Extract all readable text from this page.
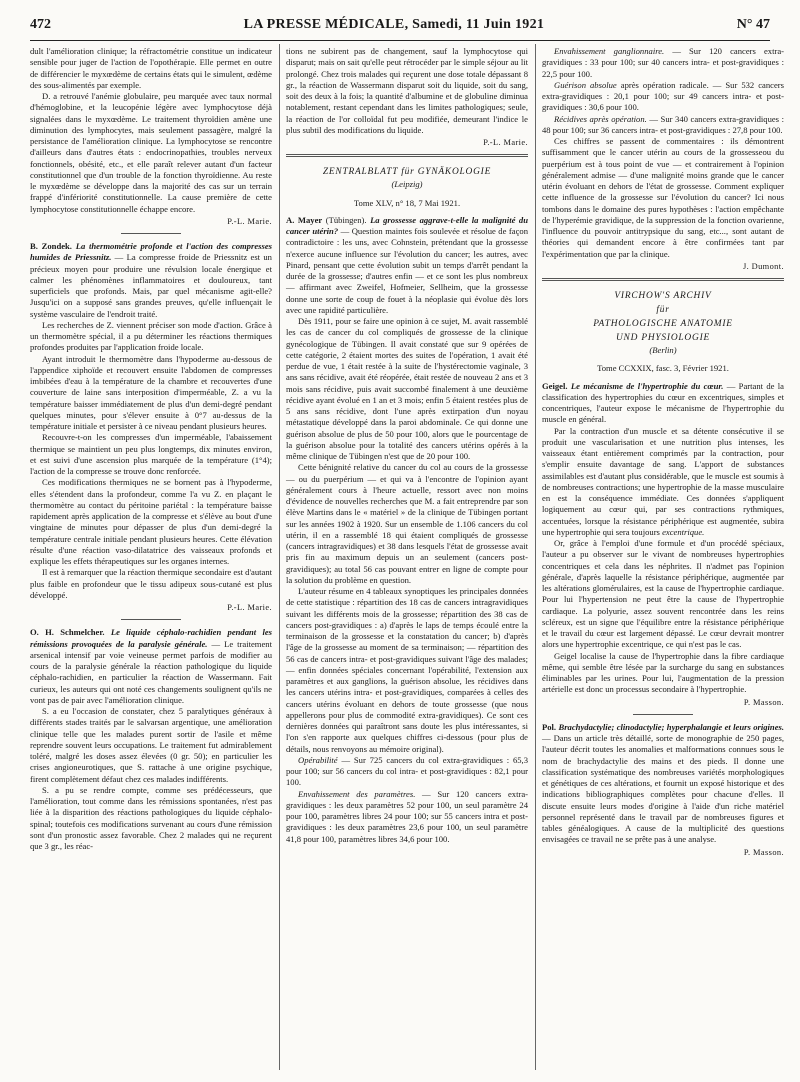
472	LA PRESSE MÉDICALE, Samedi, 11 Juin 1921	N° 47

dult l'amélioration clinique; la réfractométrie constitue un indicateur sensible pour juger de l'action de l'opothérapie. Elle permet en outre de différencier le myxœdème de certains états qui le simulent, œdème des sous-alimentés par exemple.

D. a retrouvé l'anémie globulaire, peu marquée avec taux normal d'hémoglobine, et la leucopénie légère avec lymphocytose déjà signalées dans le myxœdème. Le traitement thyroïdien amène une diminution des lymphocytes, mais seulement passagère, malgré la persistance de l'amélioration clinique. La lymphocytose se rencontre d'ailleurs dans d'autres états : endocrinopathies, troubles nerveux fonctionnels, obésité, etc., et elle paraît relever autant d'un facteur constitutionnel que d'un trouble de la fonction thyroïdienne. Au reste le myxœdème se développe dans la majorité des cas sur un terrain frappé d'infériorité constitutionnelle. La cause première de cette lymphocytose constitutionnelle échappe encore.

P.-L. Marie.

B. Zondek. La thermométrie profonde et l'action des compresses humides de Priessnitz. — La compresse froide de Priessnitz est un précieux moyen pour produire une révulsion locale énergique et calmer les phénomènes inflammatoires et douloureux, tant superficiels que profonds. Mais, par quel mécanisme agit-elle? Jusqu'ici on a supposé sans grandes preuves, qu'elle influençait le système vasculaire de l'endroit traité.

Les recherches de Z. viennent préciser son mode d'action. Grâce à un thermomètre spécial, il a pu déterminer les réactions thermiques profondes produites par l'application froide locale.

Ayant introduit le thermomètre dans l'hypoderme au-dessous de l'appendice xiphoïde et recouvert ensuite l'abdomen de compresses imbibées d'eau à la température de la chambre et recouvertes d'une couverture de laine sans interposition d'imperméable, Z. a vu la température baisser immédiatement de plus d'un demi-degré pendant quelques minutes, pour s'élever ensuite à 0°7 au-dessus de la température initiale et persister à ce niveau pendant plusieurs heures.

Recouvre-t-on les compresses d'un imperméable, l'abaissement thermique se maintient un peu plus longtemps, dix minutes environ, et est suivi d'une ascension plus marquée de la température (1°4); l'action de la compresse se trouve donc renforcée.

Ces modifications thermiques ne se bornent pas à l'hypoderme, elles s'étendent dans la profondeur, comme l'a vu Z. en plaçant le thermomètre au contact du péritoine pariétal : la température baisse rapidement après application de la compresse et s'élève au bout d'une vingtaine de minutes pour dépasser de plus d'un demi-degré la température centrale initiale pendant plusieurs heures. Cette élévation résulte d'une réaction vaso-dilatatrice des vaisseaux profonds et explique les effets thérapeutiques sur les organes internes.

Il est à remarquer que la réaction thermique secondaire est d'autant plus faible en profondeur que le tissu adipeux sous-cutané est plus développé.

P.-L. Marie.

O. H. Schmelcher. Le liquide céphalo-rachidien pendant les rémissions provoquées de la paralysie générale. — Le traitement arsenical intensif par voie veineuse permet parfois de modifier au cours de la paralysie générale la réaction pathologique du liquide céphalo-rachidien, en particulier la réaction de Wassermann. Fait curieux, les auteurs qui ont noté ces changements soulignent qu'ils ne vont pas de pair avec l'amélioration clinique.

S. a eu l'occasion de constater, chez 5 paralytiques généraux à différents stades traités par le salvarsan argentique, une amélioration clinique telle que les malades purent sortir de l'asile et même reprendre souvent leurs occupations. Le traitement fut admirablement toléré, malgré les doses assez élevées (0 gr. 50); en particulier les crises angioneurotiques, que S. rattache à une origine psychique, firent complètement défaut chez ces malades indifférents.

S. a pu se rendre compte, comme ses prédécesseurs, que l'amélioration, tout comme dans les rémissions spontanées, n'est pas liée à la disparition des réactions pathologiques du liquide céphalo-spinal; toutefois ces modifications survenant au cours d'une rémission sont d'un pronostic assez favorable. Chez 2 malades qui ne reçurent que 3 gr., les réac-

tions ne subirent pas de changement, sauf la lymphocytose qui disparut; mais on sait qu'elle peut rétrocéder par le simple séjour au lit prolongé. Chez trois malades qui reçurent une dose totale dépassant 8 gr., la réaction de Wassermann disparut soit du liquide, soit du sang, soit des deux à la fois; la quantité d'albumine et de globuline diminua notablement, restant cependant dans les limites pathologiques; seule, la réaction de l'or colloïdal fut peu modifiée, demeurant l'indice le plus subtil des modifications du liquide.

P.-L. Marie.
ZENTRALBLATT für GYNÄKOLOGIE
(Leipzig)
Tome XLV, n° 18, 7 Mai 1921.

A. Mayer (Tübingen). La grossesse aggrave-t-elle la malignité du cancer utérin? — Question maintes fois soulevée et résolue de façon contradictoire : les uns, avec Cohnstein, prétendant que la grossesse n'exerce aucune influence sur l'évolution du cancer; les autres, avec Pinard, pensant que cette évolution subit un temps d'arrêt pendant la durée de la grossesse; d'autres enfin — et ce sont les plus nombreux — affirmant avec Zweifel, Hofmeier, Sellheim, que la grossesse donne une sorte de coup de fouet à la néoplasie qui évolue dès lors avec une rapidité particulière.

Dès 1911, pour se faire une opinion à ce sujet, M. avait rassemblé les cas de cancer du col compliqués de grossesse de la clinique gynécologique de Tübingen. Il avait constaté que sur 9 opérées de cette catégorie, 2 étaient mortes des suites de l'opération, 1 avait été perdue de vue, 1 était restée à la suite de l'hystérectomie vaginale, 3 ans sans récidive, avait été réopérée, était restée de nouveau 2 ans et 3 mois sans récidive, puis avait succombé finalement à une deuxième récidive ayant évolué en 1 an et 3 mois; enfin 5 étaient restées plus de 5 ans sans récidive, dont l'une après extirpation d'un noyau métastatique développé dans la paroi abdominale. Ce qui donne une guérison absolue de plus de 50 pour 100, alors que le pourcentage de la guérison absolue pour la totalité des cancers utérins opérés à la même clinique de Tübingen n'est que de 20 pour 100.

Cette bénignité relative du cancer du col au cours de la grossesse — ou du puerpérium — et qui va à l'encontre de l'opinion ayant généralement cours à l'heure actuelle, ressort avec non moins d'évidence de nouvelles recherches que M. a fait entreprendre par son élève Martins dans le « matériel » de la clinique de Tübingen portant sur les années 1902 à 1920. Sur un ensemble de 1.106 cancers du col utérin, il en a rassemblé 18 qui étaient compliqués de grossesse (cancers intragravidiques) et 38 dans lesquels l'état de grossesse avait pris fin au maximum depuis un an seulement (cancers post-gravidiques); au total 56 cas pouvant entrer en ligne de compte pour la solution du problème en question.

L'auteur résume en 4 tableaux synoptiques les principales données de cette statistique : répartition des 18 cas de cancers intragravidiques suivant les différents mois de la grossesse; répartition des 38 cas de cancers post-gravidiques : a) d'après le laps de temps écoulé entre la terminaison de la grossesse et la constatation du cancer; b) d'après l'âge de la grossesse au moment de sa terminaison; — répartition des 56 cas de cancers intra- et post-gravidiques suivant l'âge des malades; — enfin données spéciales concernant l'opérabilité, l'extension aux paramètres et aux ganglions, la guérison absolue, les récidives dans les cancers utérins intra- et post-gravidiques, comparées à celles des cancers utérins évoluant en dehors de toute grossesse (que nous appellerons pour plus de commodité extra-gravidiques). Ce sont ces dernières données qui paraîtront sans doute les plus intéressantes, si l'on s'en rapporte aux quelques chiffres ci-dessous (pour plus de détails, nous renvoyons au mémoire original).

Opérabilité — Sur 725 cancers du col extra-gravidiques : 65,3 pour 100; sur 56 cancers du col intra- et post-gravidiques : 82,1 pour 100.

Envahissement des paramètres. — Sur 120 cancers extra-gravidiques : les deux paramètres 52 pour 100, un seul paramètre 24 pour 100, paramètres libres 24 pour 100; sur 55 cancers intra et post-gravidiques : les deux paramètres 23,6 pour 100, un seul paramètre 41,8 pour 100, paramètres libres 34,6 pour 100.

Envahissement ganglionnaire. — Sur 120 cancers extra-gravidiques : 33 pour 100; sur 40 cancers intra- et post-gravidiques : 22,5 pour 100.

Guérison absolue après opération radicale. — Sur 532 cancers extra-gravidiques : 20,1 pour 100; sur 49 cancers intra- et post-gravidiques : 30,6 pour 100.

Récidives après opération. — Sur 340 cancers extra-gravidiques : 48 pour 100; sur 36 cancers intra- et post-gravidiques : 27,8 pour 100.

Ces chiffres se passent de commentaires : ils démontrent suffisamment que le cancer utérin au cours de la grossesseou du puerpérium est à tous point de vue — et contrairement à l'opinion généralement admise — d'une malignité moins grande que le cancer utérin évoluant en dehors de l'état de grossesse. Comment expliquer cette influence de la grossesse sur l'évolution du cancer? Ici nous tombons dans le domaine des pures hypothèses : l'action empêchante de l'hyperémie gravidique, de la suppression de la fonction ovarienne, l'influence du pouvoir antitrypsique du sang, etc..., sont autant de théories qui demandent encore à être confirmées tant par l'expérimentation que par la clinique.

J. Dumont.
VIRCHOW'S ARCHIV
für
PATHOLOGISCHE ANATOMIE
UND PHYSIOLOGIE
(Berlin)
Tome CCXXIX, fasc. 3, Février 1921.

Geigel. Le mécanisme de l'hypertrophie du cœur. — Partant de la classification des hypertrophies du cœur en excentriques, simples et concentriques, l'auteur expose le mécanisme de l'hypertrophie du muscle en général.

Par la contraction d'un muscle et sa détente consécutive il se produit une vascularisation et une nutrition plus intenses, les vaisseaux étant entièrement comprimés par la contraction, pour s'emplir ensuite davantage de sang. L'apport de substances assimilables est d'autant plus considérable, que le muscle est soumis à de nombreuses contractions; une hypertrophie de la masse musculaire en est la conséquence immédiate. Ces données s'appliquent logiquement au cœur qui, par ses contractions rythmiques, accentuées, lorsque la résistance périphérique est augmentée, subira une hypertrophie qui sera toujours excentrique.

Or, grâce à l'emploi d'une formule et d'un procédé spéciaux, l'auteur a pu observer sur le vivant de nombreuses hypertrophies concentriques et cela dans les néphrites. Il n'admet pas l'opinion générale, d'après laquelle la résistance périphérique, augmentée par les altérations glomérulaires, est la cause de l'hypertrophie cardiaque. Pour lui l'hypertension ne peut être la cause de l'hypertrophie cardiaque. La polyurie, assez souvent rencontrée dans les reins scléreux, est un signe que l'équilibre entre la résistance périphérique et le travail du cœur est largement dépassé. Le cœur devrait montrer alors une hypertrophie excentrique, ce qui n'est pas le cas.

Geigel localise la cause de l'hypertrophie dans la fibre cardiaque même, qui semble être lésée par la surcharge du sang en substances éliminables par les urines. Pour lui, l'augmentation de la pression artérielle est donc un processus secondaire à l'hypertrophie.

P. Masson.

Pol. Brachydactylie; clinodactylie; hyperphalangie et leurs origines. — Dans un article très détaillé, sorte de monographie de 250 pages, l'auteur décrit toutes les anomalies et malformations connues sous le nom de brachydactylie des mains et des pieds. Il donne une classification systématique des nombreuses variétés morphologiques et génétiques de ces altérations, et fournit un exposé historique et des indications bibliographiques complètes pour chacune d'elles. Il discute ensuite leurs modes d'origine à l'aide d'un riche matériel personnel représenté dans le travail par de nombreuses figures et tables généalogiques. A cause de la multiplicité des questions envisagées ce travail ne se prête pas à une analyse.

P. Masson.
